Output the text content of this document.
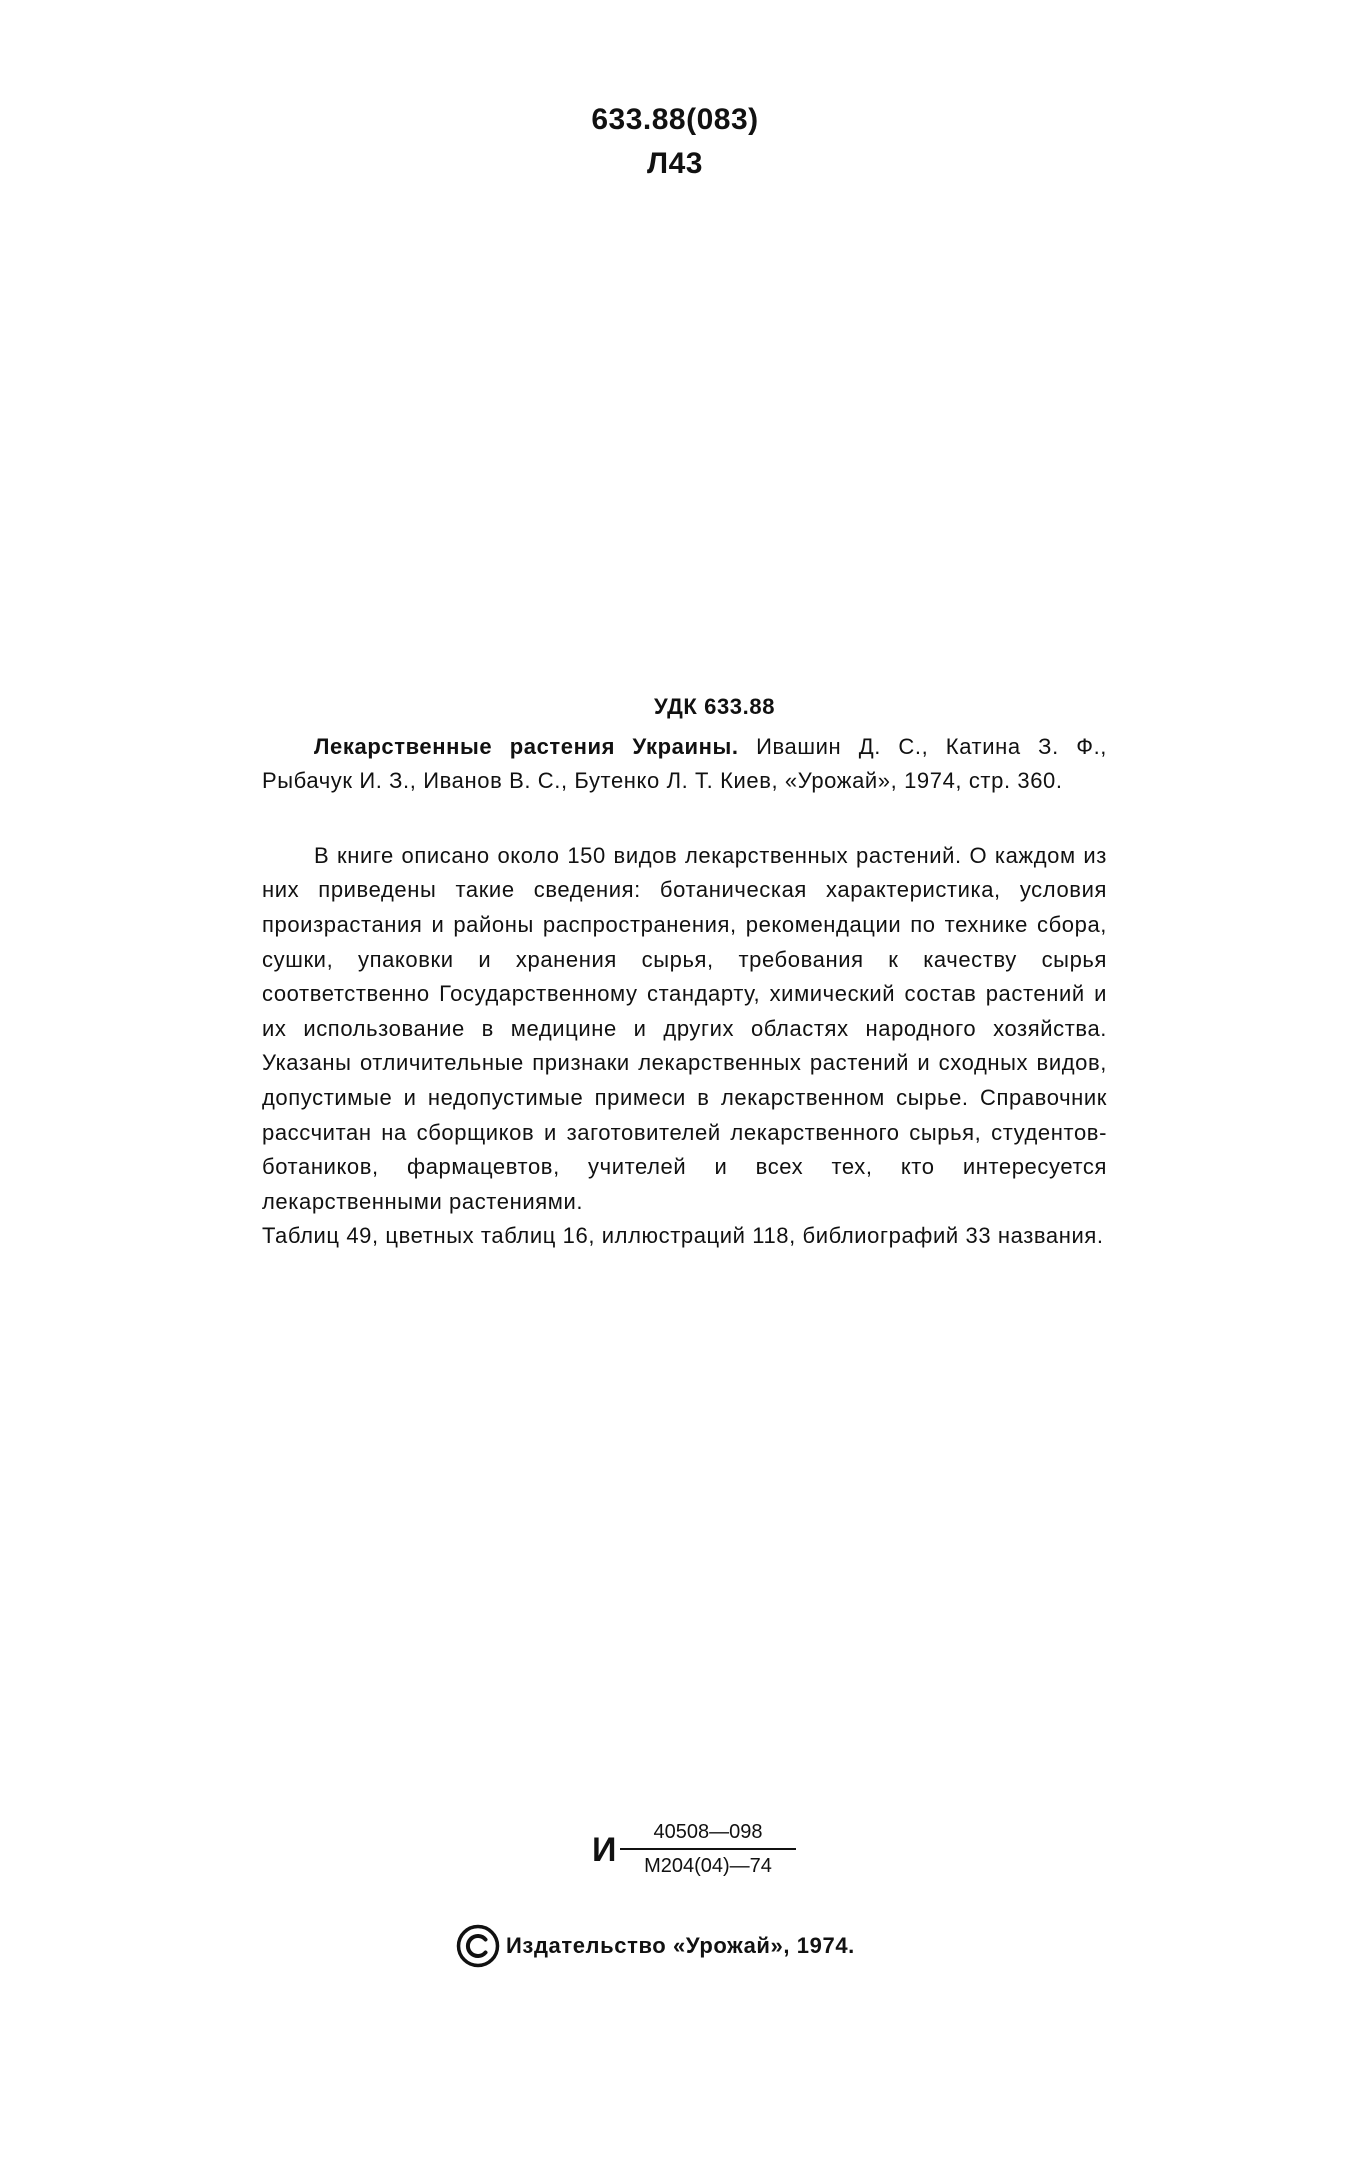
633.88(083)
Л43
УДК 633.88

Лекарственные растения Украины. Ивашин Д. С., Катина З. Ф., Рыбачук И. З., Иванов В. С., Бутенко Л. Т. Киев, «Урожай», 1974, стр. 360.

В книге описано около 150 видов лекарственных растений. О каждом из них приведены такие сведения: ботаническая характеристика, условия произрастания и районы распространения, рекомендации по технике сбора, сушки, упаковки и хранения сырья, требования к качеству сырья соответственно Государственному стандарту, химический состав растений и их использование в медицине и других областях народного хозяйства. Указаны отличительные признаки лекарственных растений и сходных видов, допустимые и недопустимые примеси в лекарственном сырье. Справочник рассчитан на сборщиков и заготовителей лекарственного сырья, студентов-ботаников, фармацевтов, учителей и всех тех, кто интересуется лекарственными растениями.

Таблиц 49, цветных таблиц 16, иллюстраций 118, библиографий 33 названия.

И	40508—098
М204(04)—74
Издательство «Урожай», 1974.
